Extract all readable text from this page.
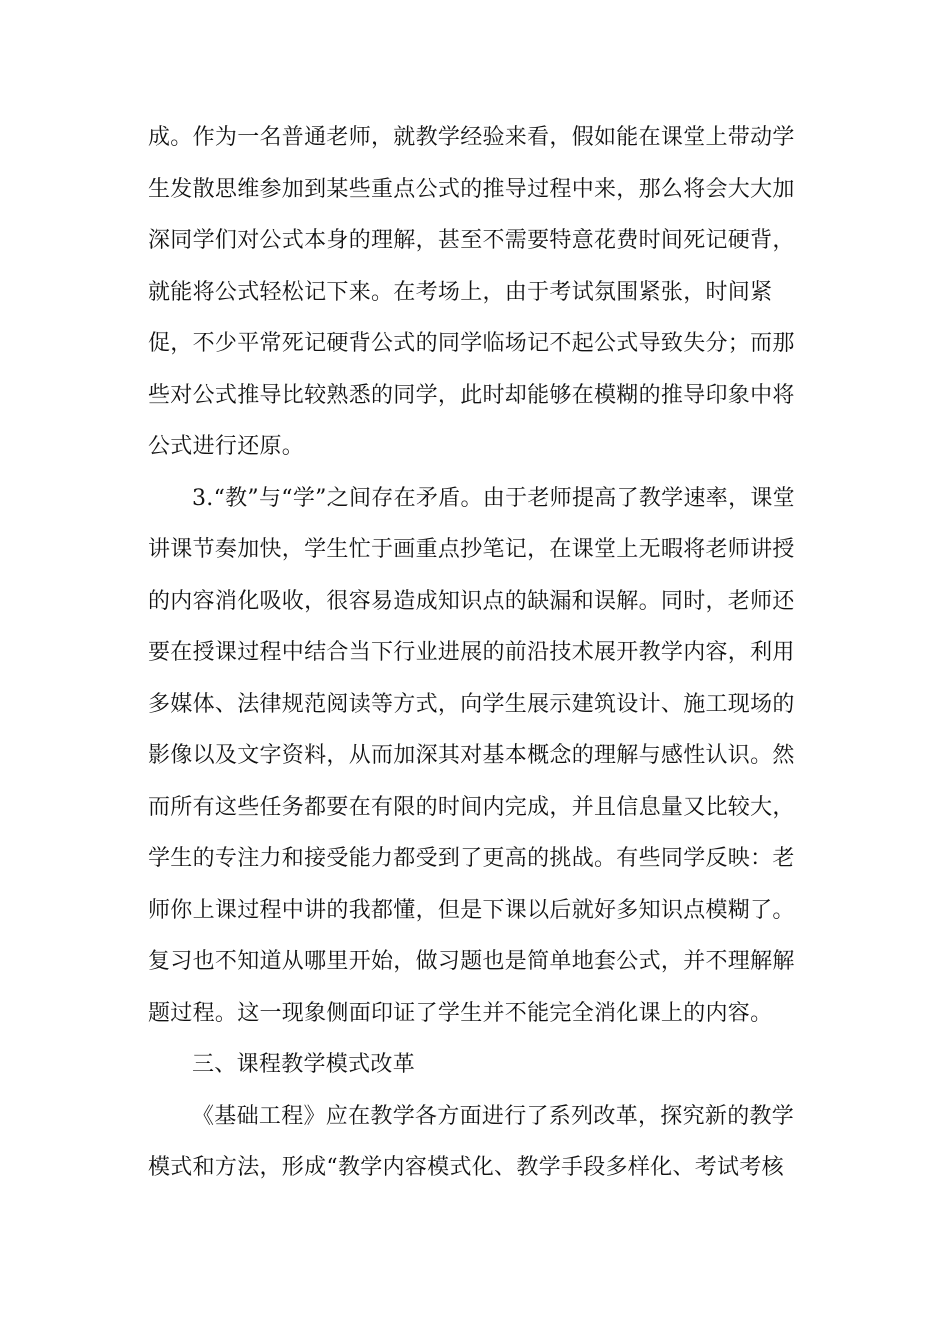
成。作为一名普通老师，就教学经验来看，假如能在课堂上带动学
生发散思维参加到某些重点公式的推导过程中来，那么将会大大加
深同学们对公式本身的理解，甚至不需要特意花费时间死记硬背，
就能将公式轻松记下来。在考场上，由于考试氛围紧张，时间紧
促，不少平常死记硬背公式的同学临场记不起公式导致失分；而那
些对公式推导比较熟悉的同学，此时却能够在模糊的推导印象中将
公式进行还原。
3.“教”与“学”之间存在矛盾。由于老师提高了教学速率，课堂
讲课节奏加快，学生忙于画重点抄笔记，在课堂上无暇将老师讲授
的内容消化吸收，很容易造成知识点的缺漏和误解。同时，老师还
要在授课过程中结合当下行业进展的前沿技术展开教学内容，利用
多媒体、法律规范阅读等方式，向学生展示建筑设计、施工现场的
影像以及文字资料，从而加深其对基本概念的理解与感性认识。然
而所有这些任务都要在有限的时间内完成，并且信息量又比较大，
学生的专注力和接受能力都受到了更高的挑战。有些同学反映：老
师你上课过程中讲的我都懂，但是下课以后就好多知识点模糊了。
复习也不知道从哪里开始，做习题也是简单地套公式，并不理解解
题过程。这一现象侧面印证了学生并不能完全消化课上的内容。
三、课程教学模式改革
《基础工程》应在教学各方面进行了系列改革，探究新的教学
模式和方法，形成“教学内容模式化、教学手段多样化、考试考核
